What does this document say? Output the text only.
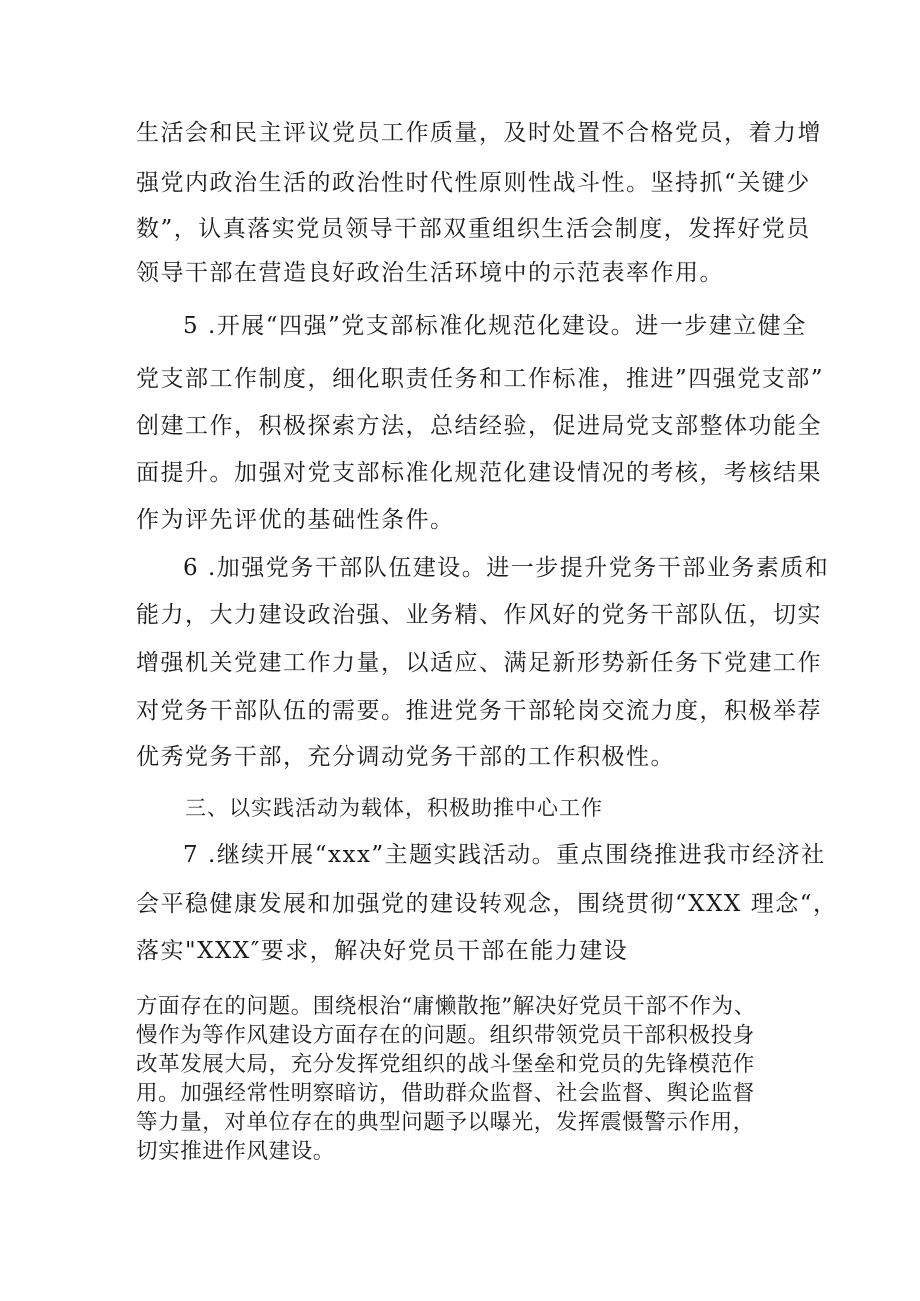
生活会和民主评议党员工作质量，及时处置不合格党员，着力增
强党内政治生活的政治性时代性原则性战斗性。坚持抓“关键少
数”，认真落实党员领导干部双重组织生活会制度，发挥好党员
领导干部在营造良好政治生活环境中的示范表率作用。
5 .开展“四强”党支部标准化规范化建设。进一步建立健全
党支部工作制度，细化职责任务和工作标准，推进”四强党支部”
创建工作，积极探索方法，总结经验，促进局党支部整体功能全
面提升。加强对党支部标准化规范化建设情况的考核，考核结果
作为评先评优的基础性条件。
6 .加强党务干部队伍建设。进一步提升党务干部业务素质和
能力，大力建设政治强、业务精、作风好的党务干部队伍，切实
增强机关党建工作力量，以适应、满足新形势新任务下党建工作
对党务干部队伍的需要。推进党务干部轮岗交流力度，积极举荐
优秀党务干部，充分调动党务干部的工作积极性。
三、以实践活动为载体，积极助推中心工作
7 .继续开展“xxx”主题实践活动。重点围绕推进我市经济社
会平稳健康发展和加强党的建设转观念，围绕贯彻“XXX 理念“，
落实"XXX″要求，解决好党员干部在能力建设
方面存在的问题。围绕根治“庸懒散拖”解决好党员干部不作为、
慢作为等作风建设方面存在的问题。组织带领党员干部积极投身
改革发展大局，充分发挥党组织的战斗堡垒和党员的先锋模范作
用。加强经常性明察暗访，借助群众监督、社会监督、舆论监督
等力量，对单位存在的典型问题予以曝光，发挥震慑警示作用，
切实推进作风建设。
